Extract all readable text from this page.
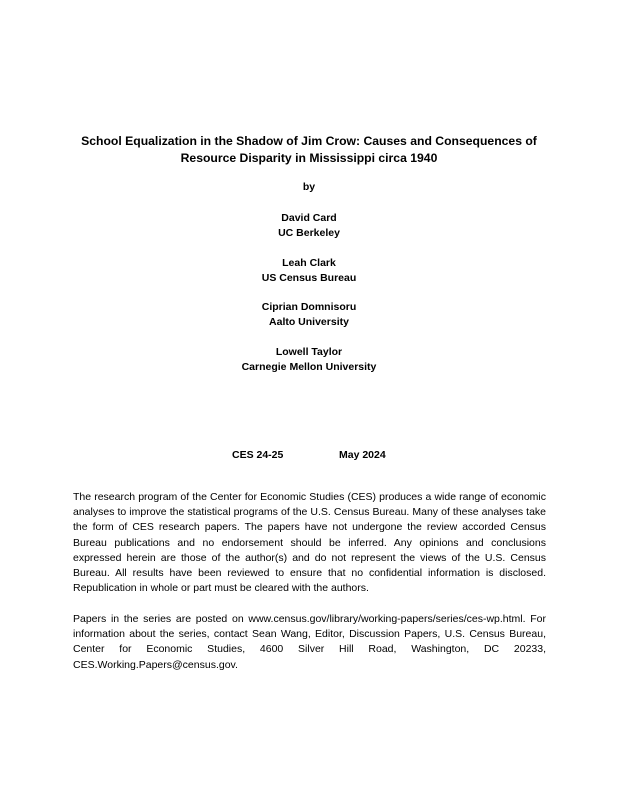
School Equalization in the Shadow of Jim Crow: Causes and Consequences of Resource Disparity in Mississippi circa 1940
by
David Card
UC Berkeley
Leah Clark
US Census Bureau
Ciprian Domnisoru
Aalto University
Lowell Taylor
Carnegie Mellon University
CES 24-25	May 2024

The research program of the Center for Economic Studies (CES) produces a wide range of economic analyses to improve the statistical programs of the U.S. Census Bureau. Many of these analyses take the form of CES research papers. The papers have not undergone the review accorded Census Bureau publications and no endorsement should be inferred. Any opinions and conclusions expressed herein are those of the author(s) and do not represent the views of the U.S. Census Bureau. All results have been reviewed to ensure that no confidential information is disclosed. Republication in whole or part must be cleared with the authors.

Papers in the series are posted on www.census.gov/library/working-papers/series/ces-wp.html. For information about the series, contact Sean Wang, Editor, Discussion Papers, U.S. Census Bureau, Center for Economic Studies, 4600 Silver Hill Road, Washington, DC 20233, CES.Working.Papers@census.gov.
